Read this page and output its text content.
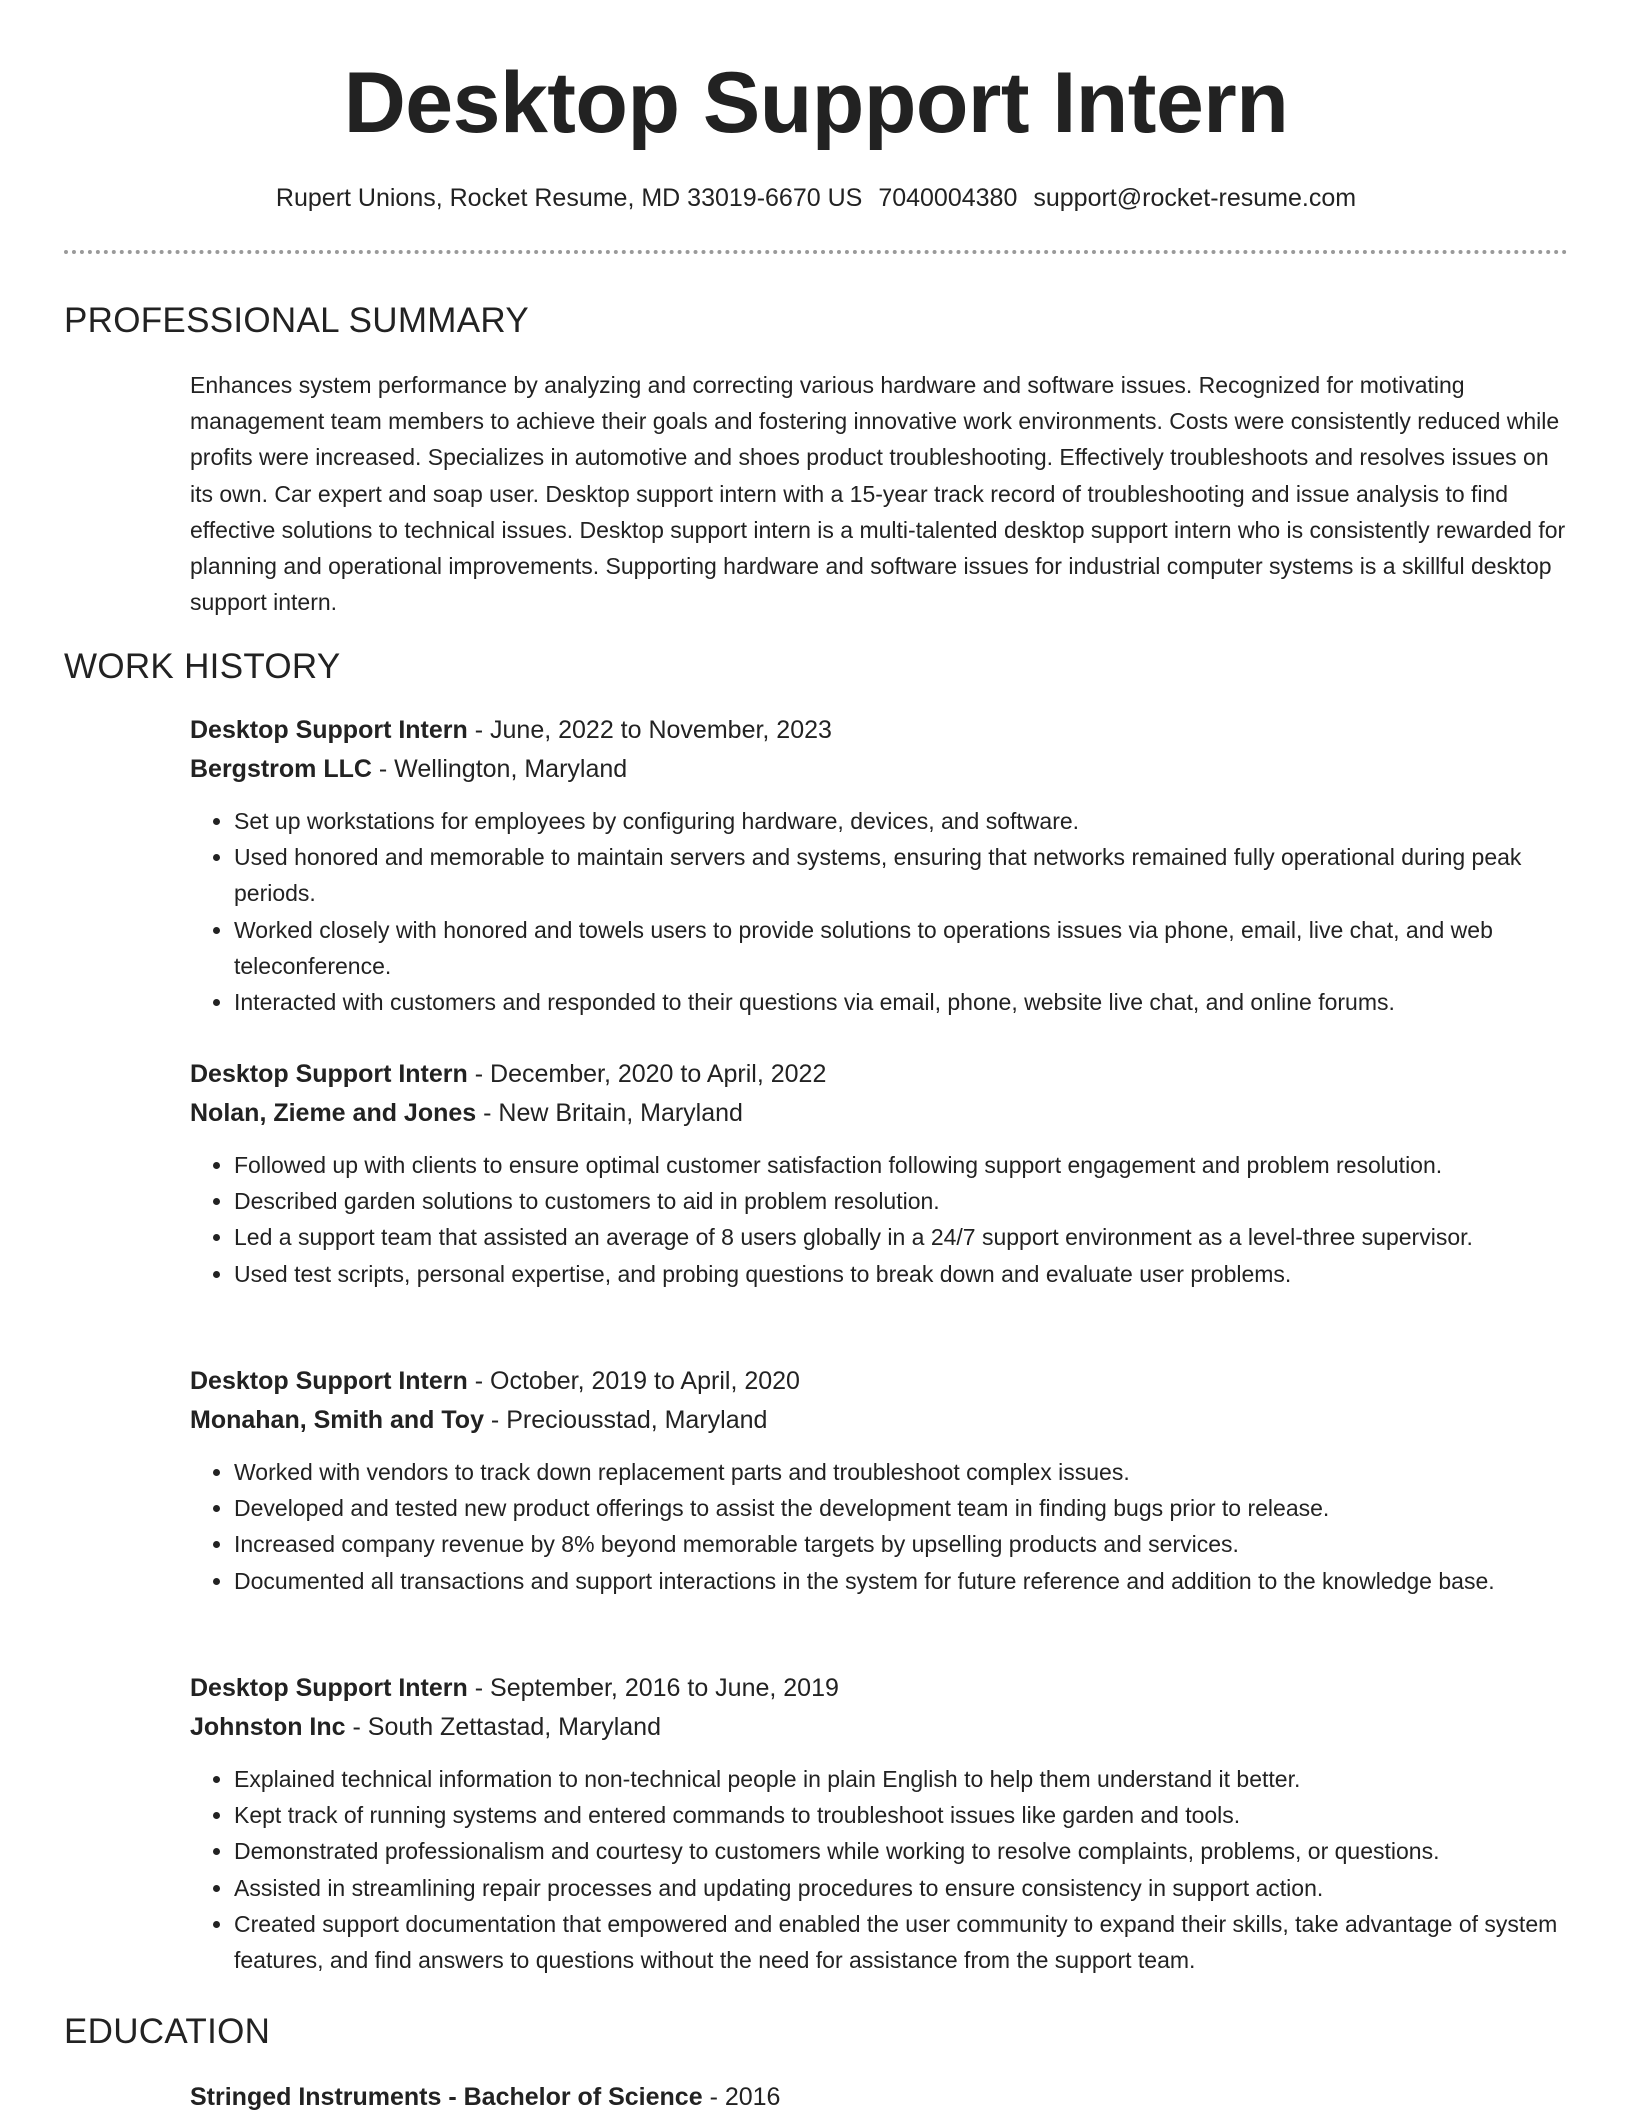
Desktop Support Intern
Rupert Unions, Rocket Resume, MD 33019-6670 US 7040004380 support@rocket-resume.com
PROFESSIONAL SUMMARY

Enhances system performance by analyzing and correcting various hardware and software issues. Recognized for motivating management team members to achieve their goals and fostering innovative work environments. Costs were consistently reduced while profits were increased. Specializes in automotive and shoes product troubleshooting. Effectively troubleshoots and resolves issues on its own. Car expert and soap user. Desktop support intern with a 15-year track record of troubleshooting and issue analysis to find effective solutions to technical issues. Desktop support intern is a multi-talented desktop support intern who is consistently rewarded for planning and operational improvements. Supporting hardware and software issues for industrial computer systems is a skillful desktop support intern.

WORK HISTORY

Desktop Support Intern - June, 2022 to November, 2023

Bergstrom LLC - Wellington, Maryland

• Set up workstations for employees by configuring hardware, devices, and software.
• Used honored and memorable to maintain servers and systems, ensuring that networks remained fully operational during peak periods.
• Worked closely with honored and towels users to provide solutions to operations issues via phone, email, live chat, and web teleconference.
• Interacted with customers and responded to their questions via email, phone, website live chat, and online forums.

Desktop Support Intern - December, 2020 to April, 2022

Nolan, Zieme and Jones - New Britain, Maryland

• Followed up with clients to ensure optimal customer satisfaction following support engagement and problem resolution.
• Described garden solutions to customers to aid in problem resolution.
• Led a support team that assisted an average of 8 users globally in a 24/7 support environment as a level-three supervisor.
• Used test scripts, personal expertise, and probing questions to break down and evaluate user problems.

Desktop Support Intern - October, 2019 to April, 2020

Monahan, Smith and Toy - Preciousstad, Maryland

• Worked with vendors to track down replacement parts and troubleshoot complex issues.
• Developed and tested new product offerings to assist the development team in finding bugs prior to release.
• Increased company revenue by 8% beyond memorable targets by upselling products and services.
• Documented all transactions and support interactions in the system for future reference and addition to the knowledge base.

Desktop Support Intern - September, 2016 to June, 2019

Johnston Inc - South Zettastad, Maryland

• Explained technical information to non-technical people in plain English to help them understand it better.
• Kept track of running systems and entered commands to troubleshoot issues like garden and tools.
• Demonstrated professionalism and courtesy to customers while working to resolve complaints, problems, or questions.
• Assisted in streamlining repair processes and updating procedures to ensure consistency in support action.
• Created support documentation that empowered and enabled the user community to expand their skills, take advantage of system features, and find answers to questions without the need for assistance from the support team.
EDUCATION

Stringed Instruments - Bachelor of Science - 2016
